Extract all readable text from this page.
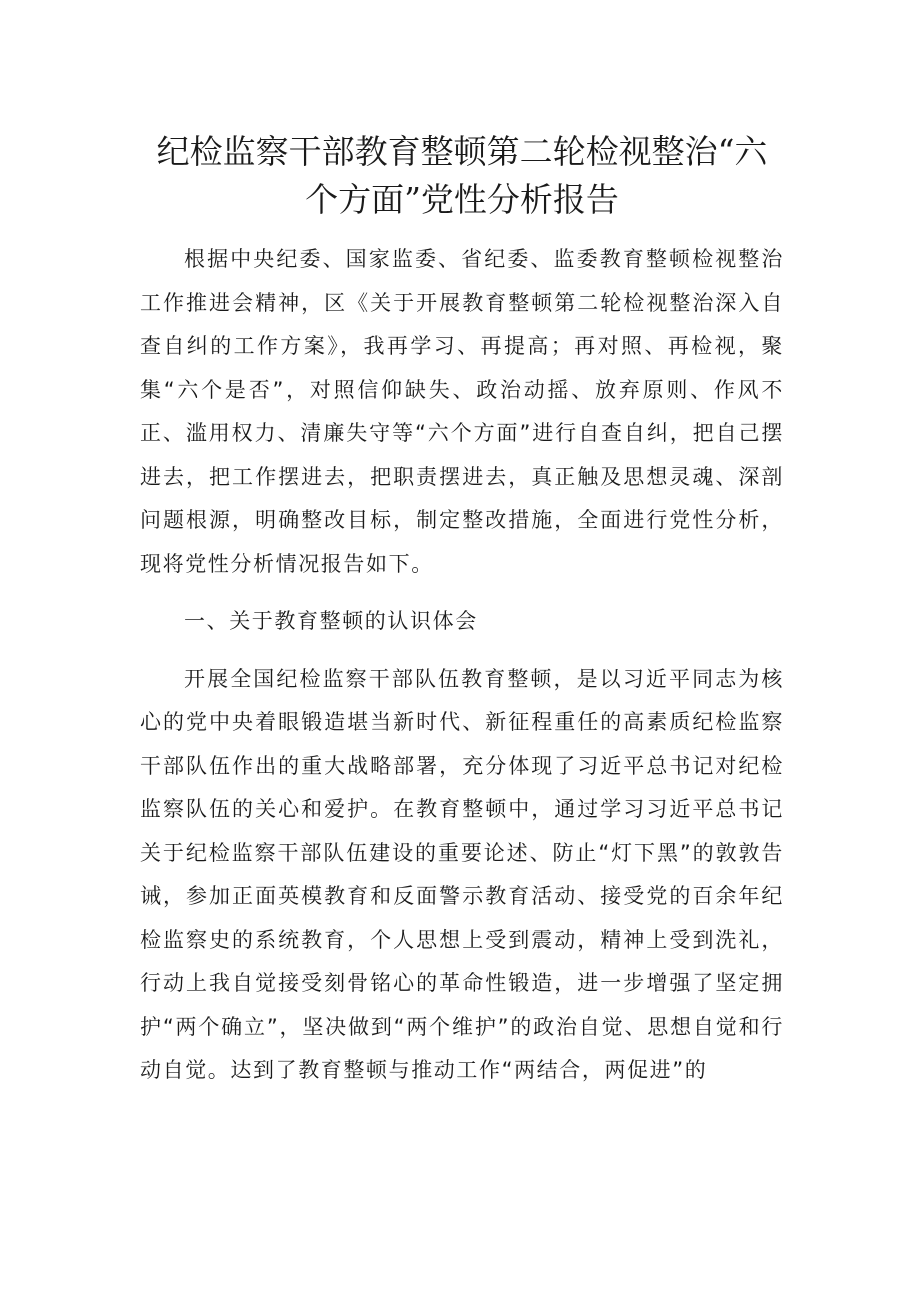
纪检监察干部教育整顿第二轮检视整治“六
个方面”党性分析报告

根据中央纪委、国家监委、省纪委、监委教育整顿检视整治工作推进会精神，区《关于开展教育整顿第二轮检视整治深入自查自纠的工作方案》，我再学习、再提高；再对照、再检视，聚集“六个是否”，对照信仰缺失、政治动摇、放弃原则、作风不正、滥用权力、清廉失守等“六个方面”进行自查自纠，把自己摆进去，把工作摆进去，把职责摆进去，真正触及思想灵魂、深剖问题根源，明确整改目标，制定整改措施，全面进行党性分析，现将党性分析情况报告如下。

一、关于教育整顿的认识体会

开展全国纪检监察干部队伍教育整顿，是以习近平同志为核心的党中央着眼锻造堪当新时代、新征程重任的高素质纪检监察干部队伍作出的重大战略部署，充分体现了习近平总书记对纪检监察队伍的关心和爱护。在教育整顿中，通过学习习近平总书记关于纪检监察干部队伍建设的重要论述、防止“灯下黑”的敦敦告诫，参加正面英模教育和反面警示教育活动、接受党的百余年纪检监察史的系统教育，个人思想上受到震动，精神上受到洗礼，行动上我自觉接受刻骨铭心的革命性锻造，进一步增强了坚定拥护“两个确立”，坚决做到“两个维护”的政治自觉、思想自觉和行动自觉。达到了教育整顿与推动工作“两结合，两促进”的
